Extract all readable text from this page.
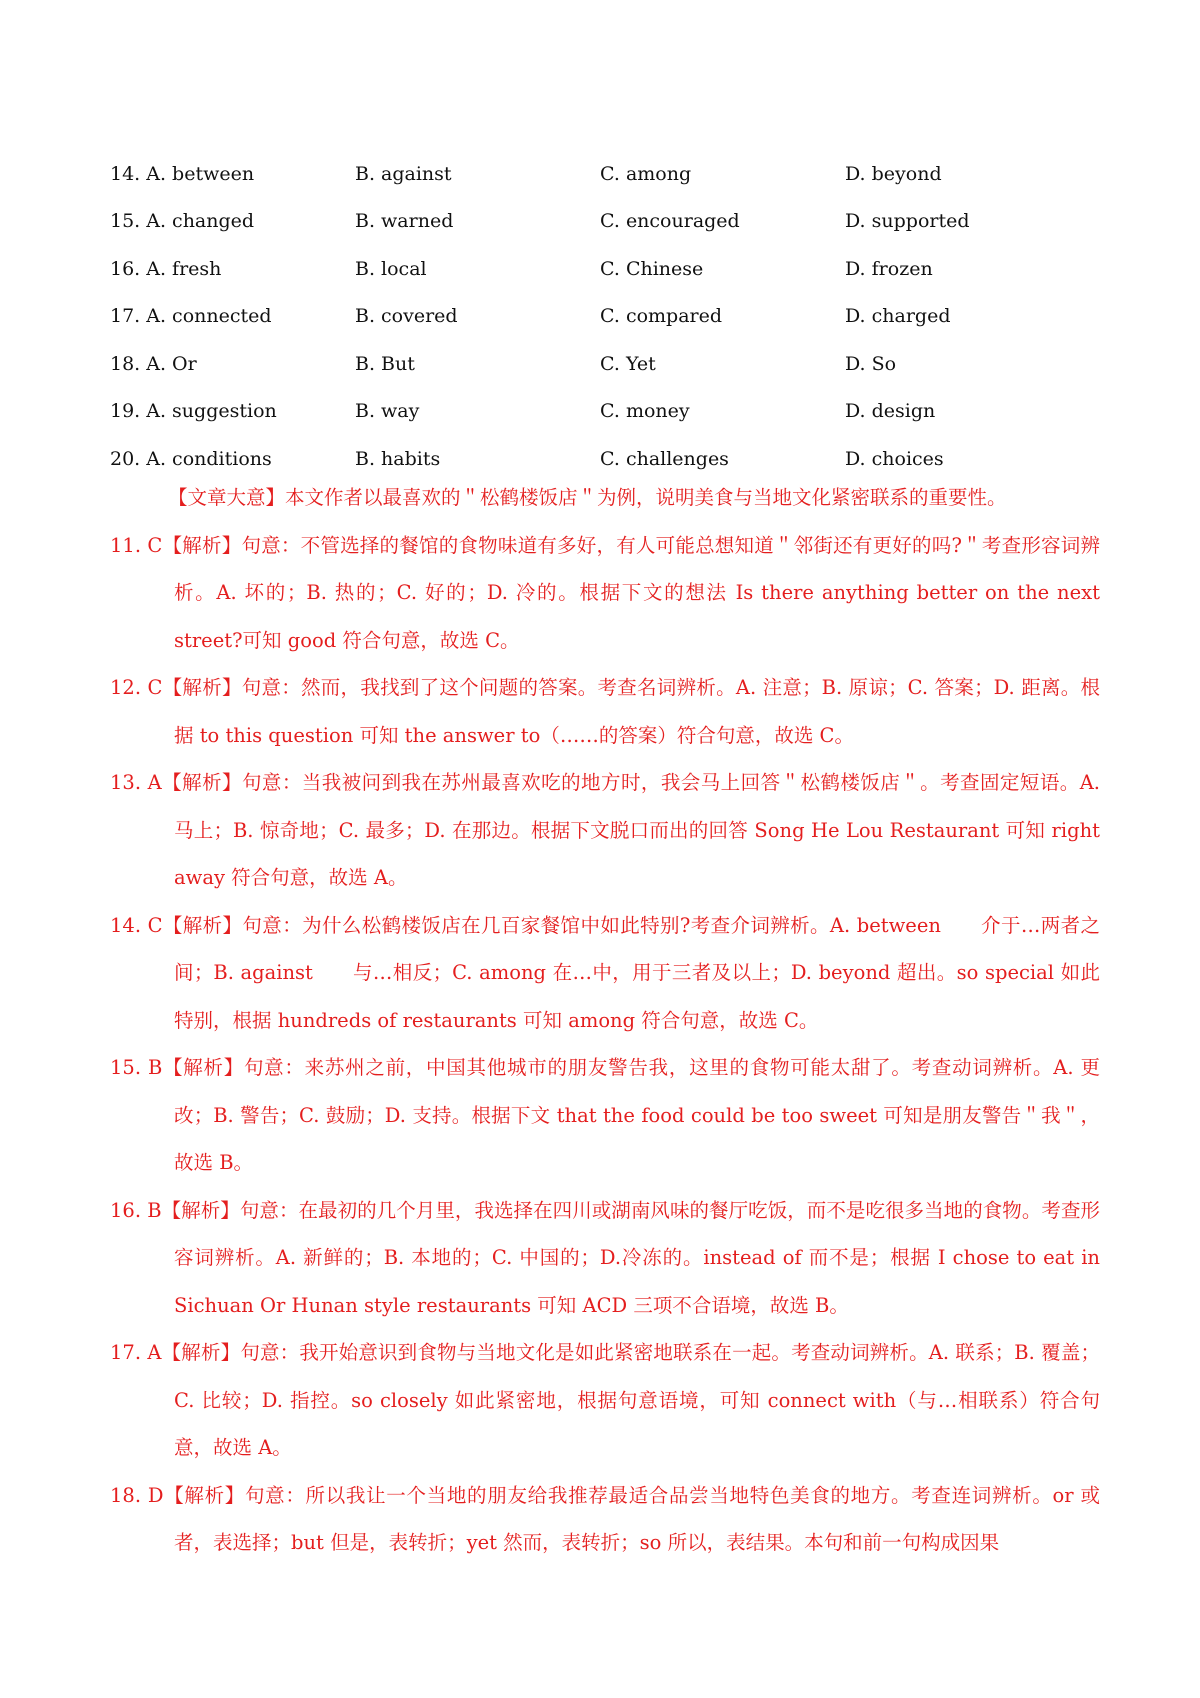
14. A. between	B. against	C. among	D. beyond
15. A. changed	B. warned	C. encouraged	D. supported
16. A. fresh	B. local	C. Chinese	D. frozen
17. A. connected	B. covered	C. compared	D. charged
18. A. Or	B. But	C. Yet	D. So
19. A. suggestion	B. way	C. money	D. design
20. A. conditions	B. habits	C. challenges	D. choices
【文章大意】本文作者以最喜欢的＂松鹤楼饭店＂为例，说明美食与当地文化紧密联系的重要性。
11. C【解析】句意：不管选择的餐馆的食物味道有多好，有人可能总想知道＂邻街还有更好的吗?＂考查形容词辨析。A. 坏的；B. 热的；C. 好的；D. 冷的。根据下文的想法 Is there anything better on the next street?可知 good 符合句意，故选 C。
12. C【解析】句意：然而，我找到了这个问题的答案。考查名词辨析。A. 注意；B. 原谅；C. 答案；D. 距离。根据 to this question 可知 the answer to（……的答案）符合句意，故选 C。
13. A【解析】句意：当我被问到我在苏州最喜欢吃的地方时，我会马上回答＂松鹤楼饭店＂。考查固定短语。A. 马上；B. 惊奇地；C. 最多；D. 在那边。根据下文脱口而出的回答 Song He Lou Restaurant 可知 right away 符合句意，故选 A。
14. C【解析】句意：为什么松鹤楼饭店在几百家餐馆中如此特别?考查介词辨析。A. between　　介于…两者之间；B. against　　与…相反；C. among 在…中，用于三者及以上；D. beyond 超出。so special 如此特别，根据 hundreds of restaurants 可知 among 符合句意，故选 C。
15. B【解析】句意：来苏州之前，中国其他城市的朋友警告我，这里的食物可能太甜了。考查动词辨析。A. 更改；B. 警告；C. 鼓励；D. 支持。根据下文 that the food could be too sweet 可知是朋友警告＂我＂，故选 B。
16. B【解析】句意：在最初的几个月里，我选择在四川或湖南风味的餐厅吃饭，而不是吃很多当地的食物。考查形容词辨析。A. 新鲜的；B. 本地的；C. 中国的；D.冷冻的。instead of 而不是；根据 I chose to eat in Sichuan Or Hunan style restaurants 可知 ACD 三项不合语境，故选 B。
17. A【解析】句意：我开始意识到食物与当地文化是如此紧密地联系在一起。考查动词辨析。A. 联系；B. 覆盖；C. 比较；D. 指控。so closely 如此紧密地，根据句意语境，可知 connect with（与…相联系）符合句意，故选 A。
18. D【解析】句意：所以我让一个当地的朋友给我推荐最适合品尝当地特色美食的地方。考查连词辨析。or 或者，表选择；but 但是，表转折；yet 然而，表转折；so 所以，表结果。本句和前一句构成因果
